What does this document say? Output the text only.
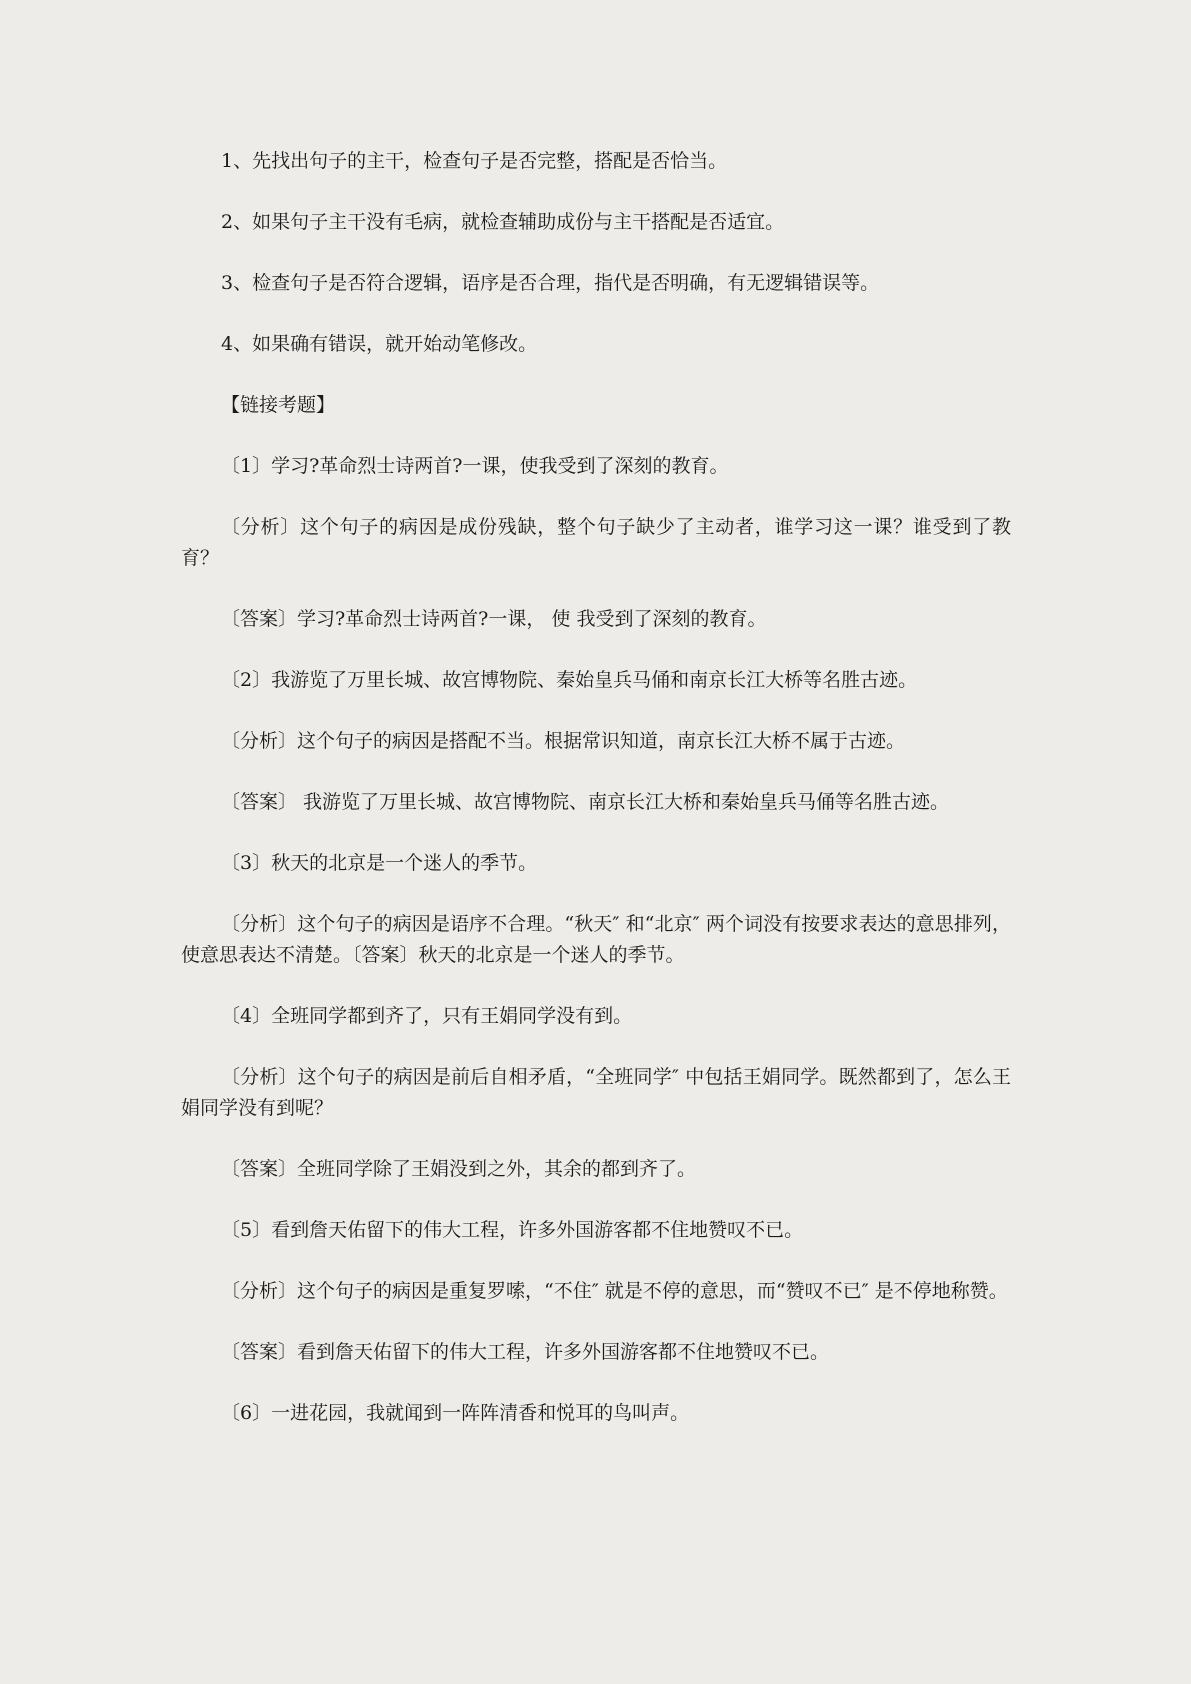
1、先找出句子的主干，检查句子是否完整，搭配是否恰当。

2、如果句子主干没有毛病，就检查辅助成份与主干搭配是否适宜。

3、检查句子是否符合逻辑，语序是否合理，指代是否明确，有无逻辑错误等。

4、如果确有错误，就开始动笔修改。

【链接考题】

〔1〕学习?革命烈士诗两首?一课，使我受到了深刻的教育。

〔分析〕这个句子的病因是成份残缺，整个句子缺少了主动者，谁学习这一课？谁受到了教育？

〔答案〕学习?革命烈士诗两首?一课， 使 我受到了深刻的教育。

〔2〕我游览了万里长城、故宫博物院、秦始皇兵马俑和南京长江大桥等名胜古迹。

〔分析〕这个句子的病因是搭配不当。根据常识知道，南京长江大桥不属于古迹。

〔答案〕 我游览了万里长城、故宫博物院、南京长江大桥和秦始皇兵马俑等名胜古迹。

〔3〕秋天的北京是一个迷人的季节。

〔分析〕这个句子的病因是语序不合理。“秋天″ 和“北京″ 两个词没有按要求表达的意思排列，使意思表达不清楚。〔答案〕秋天的北京是一个迷人的季节。

〔4〕全班同学都到齐了，只有王娟同学没有到。

〔分析〕这个句子的病因是前后自相矛盾，“全班同学″ 中包括王娟同学。既然都到了，怎么王娟同学没有到呢？

〔答案〕全班同学除了王娟没到之外，其余的都到齐了。

〔5〕看到詹天佑留下的伟大工程，许多外国游客都不住地赞叹不已。

〔分析〕这个句子的病因是重复罗嗦，“不住″ 就是不停的意思，而“赞叹不已″ 是不停地称赞。

〔答案〕看到詹天佑留下的伟大工程，许多外国游客都不住地赞叹不已。

〔6〕一进花园，我就闻到一阵阵清香和悦耳的鸟叫声。
